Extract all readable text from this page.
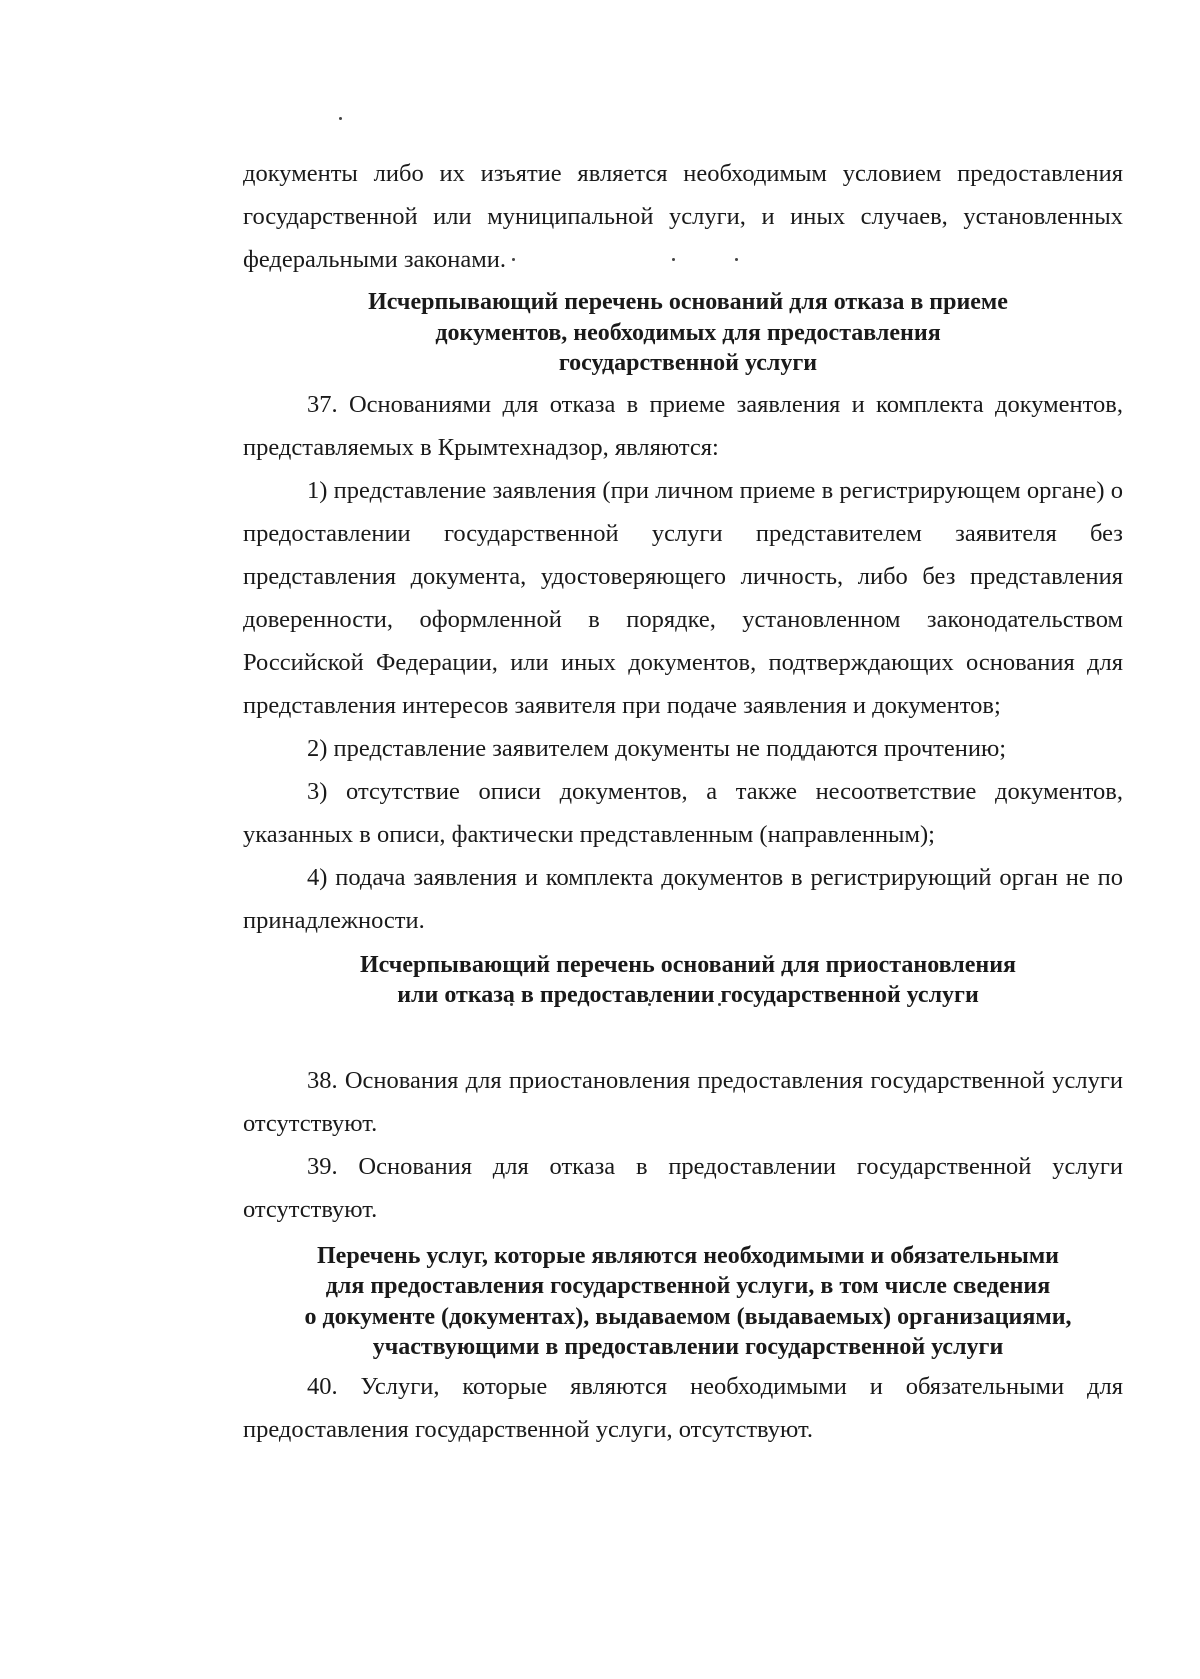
документы либо их изъятие является необходимым условием предоставления государственной или муниципальной услуги, и иных случаев, установленных федеральными законами.

Исчерпывающий перечень оснований для отказа в приеме
документов, необходимых для предоставления
государственной услуги

37. Основаниями для отказа в приеме заявления и комплекта документов, представляемых в Крымтехнадзор, являются:

1) представление заявления (при личном приеме в регистрирующем органе) о предоставлении государственной услуги представителем заявителя без представления документа, удостоверяющего личность, либо без представления доверенности, оформленной в порядке, установленном законодательством Российской Федерации, или иных документов, подтверждающих основания для представления интересов заявителя при подаче заявления и документов;

2) представление заявителем документы не поддаются прочтению;

3) отсутствие описи документов, а также несоответствие документов, указанных в описи, фактически представленным (направленным);

4) подача заявления и комплекта документов в регистрирующий орган не по принадлежности.

Исчерпывающий перечень оснований для приостановления
или отказа в предоставлении государственной услуги

38. Основания для приостановления предоставления государственной услуги отсутствуют.

39. Основания для отказа в предоставлении государственной услуги отсутствуют.

Перечень услуг, которые являются необходимыми и обязательными
для предоставления государственной услуги, в том числе сведения
о документе (документах), выдаваемом (выдаваемых) организациями,
участвующими в предоставлении государственной услуги

40. Услуги, которые являются необходимыми и обязательными для предоставления государственной услуги, отсутствуют.
